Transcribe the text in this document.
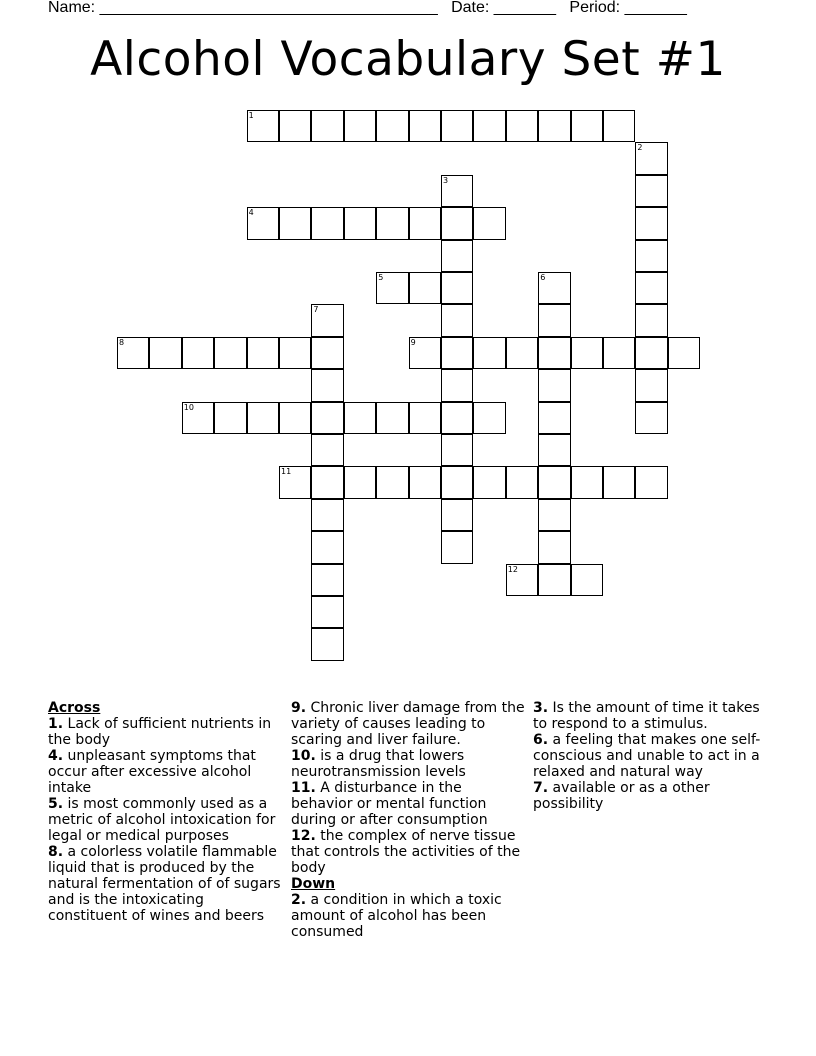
Name: ______________________________________ Date: _______ Period: _______
Alcohol Vocabulary Set #1
1
2
3
4
5	6
7
8	9
10
11
12
Across
1. Lack of sufficient nutrients in the body
4. unpleasant symptoms that occur after excessive alcohol intake
5. is most commonly used as a metric of alcohol intoxication for legal or medical purposes
8. a colorless volatile flammable liquid that is produced by the natural fermentation of of sugars and is the intoxicating constituent of wines and beers
9. Chronic liver damage from the variety of causes leading to scaring and liver failure.
10. is a drug that lowers neurotransmission levels
11. A disturbance in the behavior or mental function during or after consumption
12. the complex of nerve tissue that controls the activities of the body
Down
2. a condition in which a toxic amount of alcohol has been consumed
3. Is the amount of time it takes to respond to a stimulus.
6. a feeling that makes one self-conscious and unable to act in a relaxed and natural way
7. available or as a other possibility
